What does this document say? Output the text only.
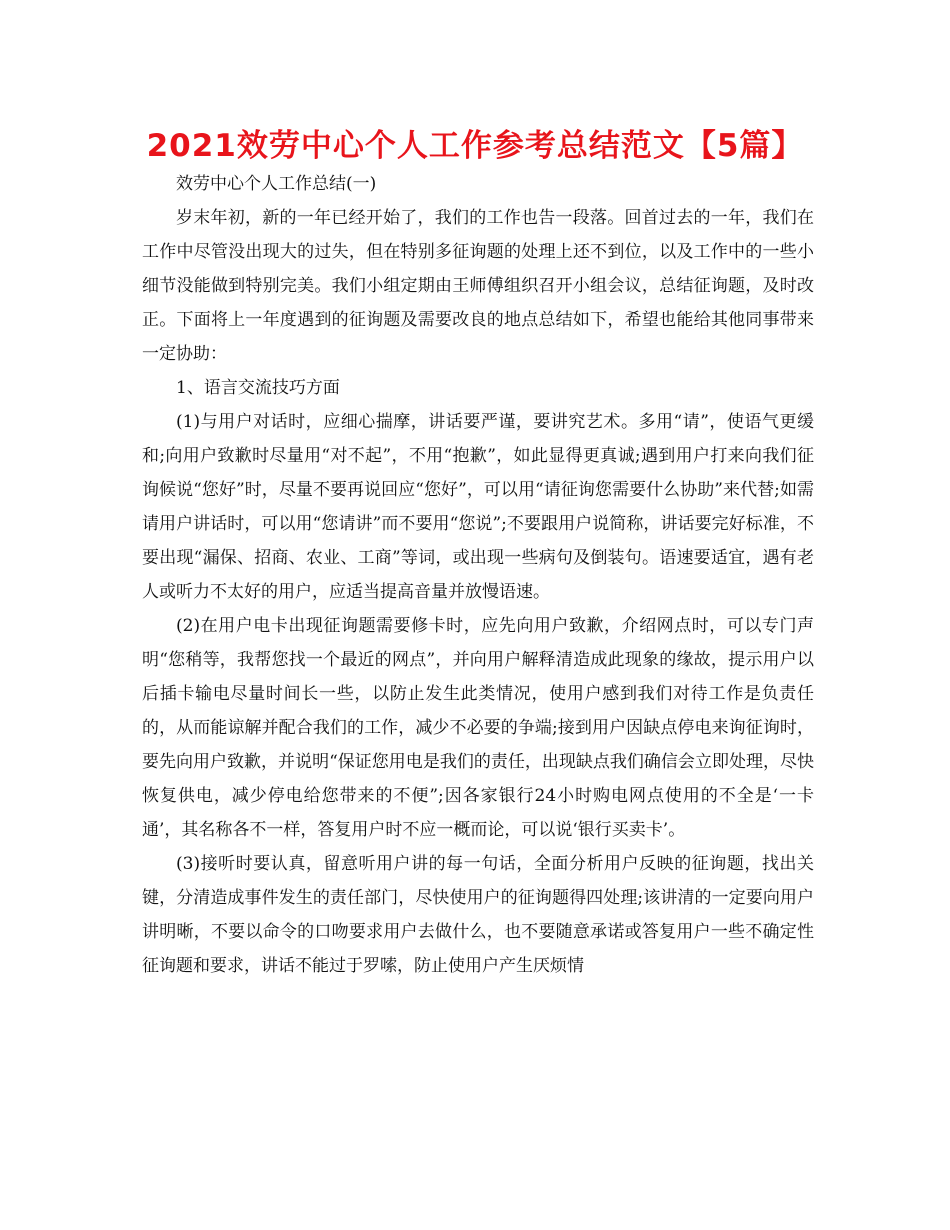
2021效劳中心个人工作参考总结范文【5篇】

效劳中心个人工作总结(一)

岁末年初，新的一年已经开始了，我们的工作也告一段落。回首过去的一年，我们在工作中尽管没出现大的过失，但在特别多征询题的处理上还不到位，以及工作中的一些小细节没能做到特别完美。我们小组定期由王师傅组织召开小组会议，总结征询题，及时改正。下面将上一年度遇到的征询题及需要改良的地点总结如下，希望也能给其他同事带来一定协助：

1、语言交流技巧方面

(1)与用户对话时，应细心揣摩，讲话要严谨，要讲究艺术。多用“请”，使语气更缓和;向用户致歉时尽量用“对不起”，不用“抱歉”，如此显得更真诚;遇到用户打来向我们征询候说“您好”时，尽量不要再说回应“您好”，可以用“请征询您需要什么协助”来代替;如需请用户讲话时，可以用“您请讲”而不要用“您说”;不要跟用户说简称，讲话要完好标准，不要出现“漏保、招商、农业、工商”等词，或出现一些病句及倒装句。语速要适宜，遇有老人或听力不太好的用户，应适当提高音量并放慢语速。

(2)在用户电卡出现征询题需要修卡时，应先向用户致歉，介绍网点时，可以专门声明“您稍等，我帮您找一个最近的网点”，并向用户解释清造成此现象的缘故，提示用户以后插卡输电尽量时间长一些，以防止发生此类情况，使用户感到我们对待工作是负责任的，从而能谅解并配合我们的工作，减少不必要的争端;接到用户因缺点停电来询征询时，要先向用户致歉，并说明“保证您用电是我们的责任，出现缺点我们确信会立即处理，尽快恢复供电，减少停电给您带来的不便”;因各家银行24小时购电网点使用的不全是‘一卡通’，其名称各不一样，答复用户时不应一概而论，可以说‘银行买卖卡’。

(3)接听时要认真，留意听用户讲的每一句话，全面分析用户反映的征询题，找出关键，分清造成事件发生的责任部门，尽快使用户的征询题得四处理;该讲清的一定要向用户讲明晰，不要以命令的口吻要求用户去做什么，也不要随意承诺或答复用户一些不确定性征询题和要求，讲话不能过于罗嗦，防止使用户产生厌烦情
